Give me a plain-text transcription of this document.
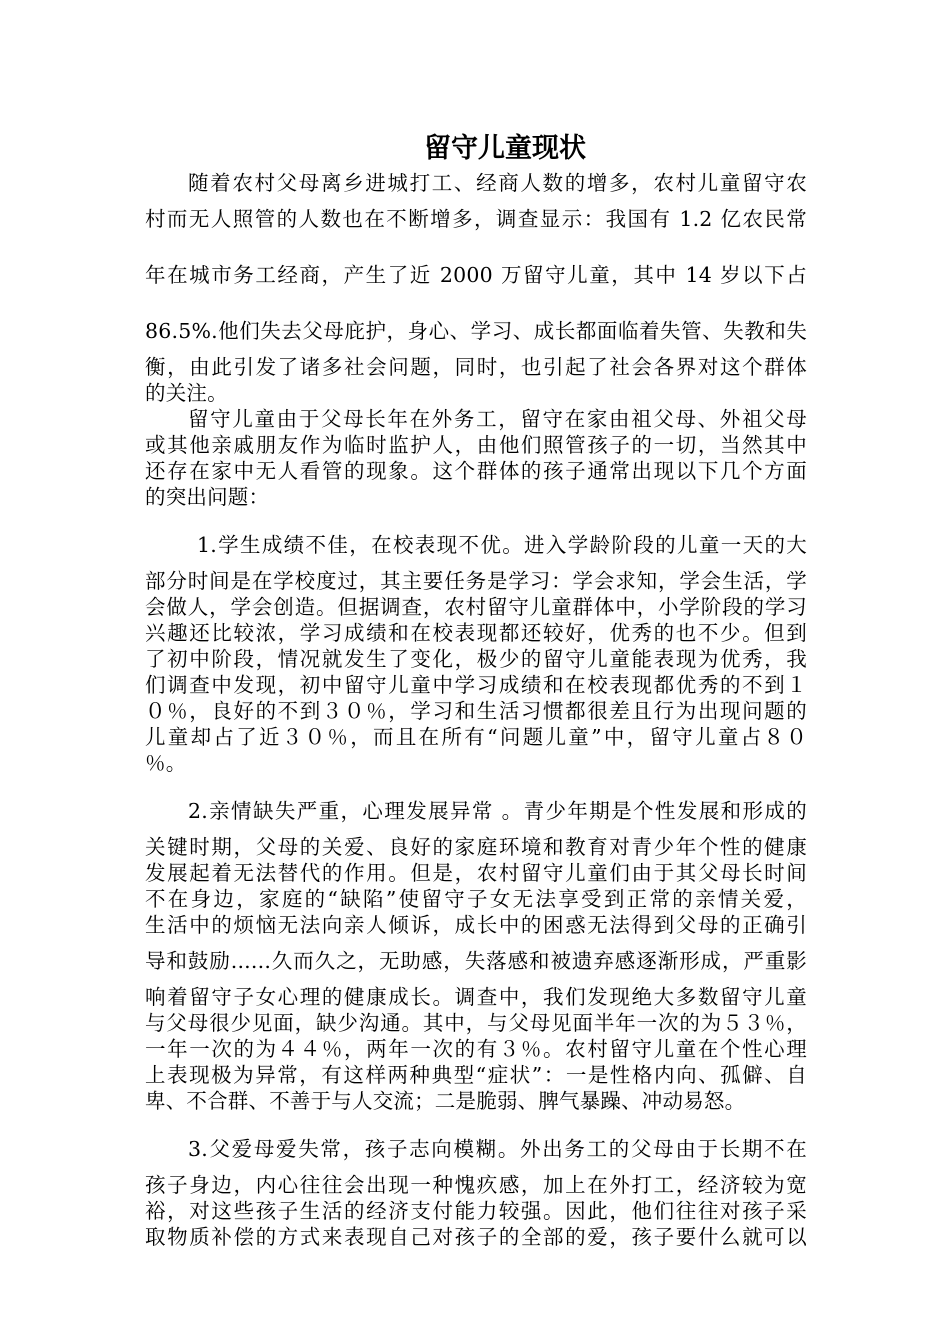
留守儿童现状
随着农村父母离乡进城打工、经商人数的增多，农村儿童留守农
村而无人照管的人数也在不断增多，调查显示：我国有 1.2 亿农民常
年在城市务工经商，产生了近 2000 万留守儿童，其中 14 岁以下占
86.5%.他们失去父母庇护，身心、学习、成长都面临着失管、失教和失
衡，由此引发了诸多社会问题，同时，也引起了社会各界对这个群体
的关注。
留守儿童由于父母长年在外务工，留守在家由祖父母、外祖父母
或其他亲戚朋友作为临时监护人，由他们照管孩子的一切，当然其中
还存在家中无人看管的现象。这个群体的孩子通常出现以下几个方面
的突出问题：
1.学生成绩不佳，在校表现不优。进入学龄阶段的儿童一天的大
部分时间是在学校度过，其主要任务是学习：学会求知，学会生活，学
会做人，学会创造。但据调查，农村留守儿童群体中，小学阶段的学习
兴趣还比较浓，学习成绩和在校表现都还较好，优秀的也不少。但到
了初中阶段，情况就发生了变化，极少的留守儿童能表现为优秀，我
们调查中发现，初中留守儿童中学习成绩和在校表现都优秀的不到１
０％，良好的不到３０％，学习和生活习惯都很差且行为出现问题的
儿童却占了近３０％，而且在所有“问题儿童”中，留守儿童占８０
％。
2.亲情缺失严重，心理发展异常 。青少年期是个性发展和形成的
关键时期，父母的关爱、良好的家庭环境和教育对青少年个性的健康
发展起着无法替代的作用。但是，农村留守儿童们由于其父母长时间
不在身边，家庭的“缺陷”使留守子女无法享受到正常的亲情关爱，
生活中的烦恼无法向亲人倾诉，成长中的困惑无法得到父母的正确引
导和鼓励......久而久之，无助感，失落感和被遗弃感逐渐形成，严重影
响着留守子女心理的健康成长。调查中，我们发现绝大多数留守儿童
与父母很少见面，缺少沟通。其中，与父母见面半年一次的为５３％，
一年一次的为４４％，两年一次的有３％。农村留守儿童在个性心理
上表现极为异常，有这样两种典型“症状”：一是性格内向、孤僻、自
卑、不合群、不善于与人交流；二是脆弱、脾气暴躁、冲动易怒。
3.父爱母爱失常，孩子志向模糊。外出务工的父母由于长期不在
孩子身边，内心往往会出现一种愧疚感，加上在外打工，经济较为宽
裕，对这些孩子生活的经济支付能力较强。因此，他们往往对孩子采
取物质补偿的方式来表现自己对孩子的全部的爱，孩子要什么就可以
